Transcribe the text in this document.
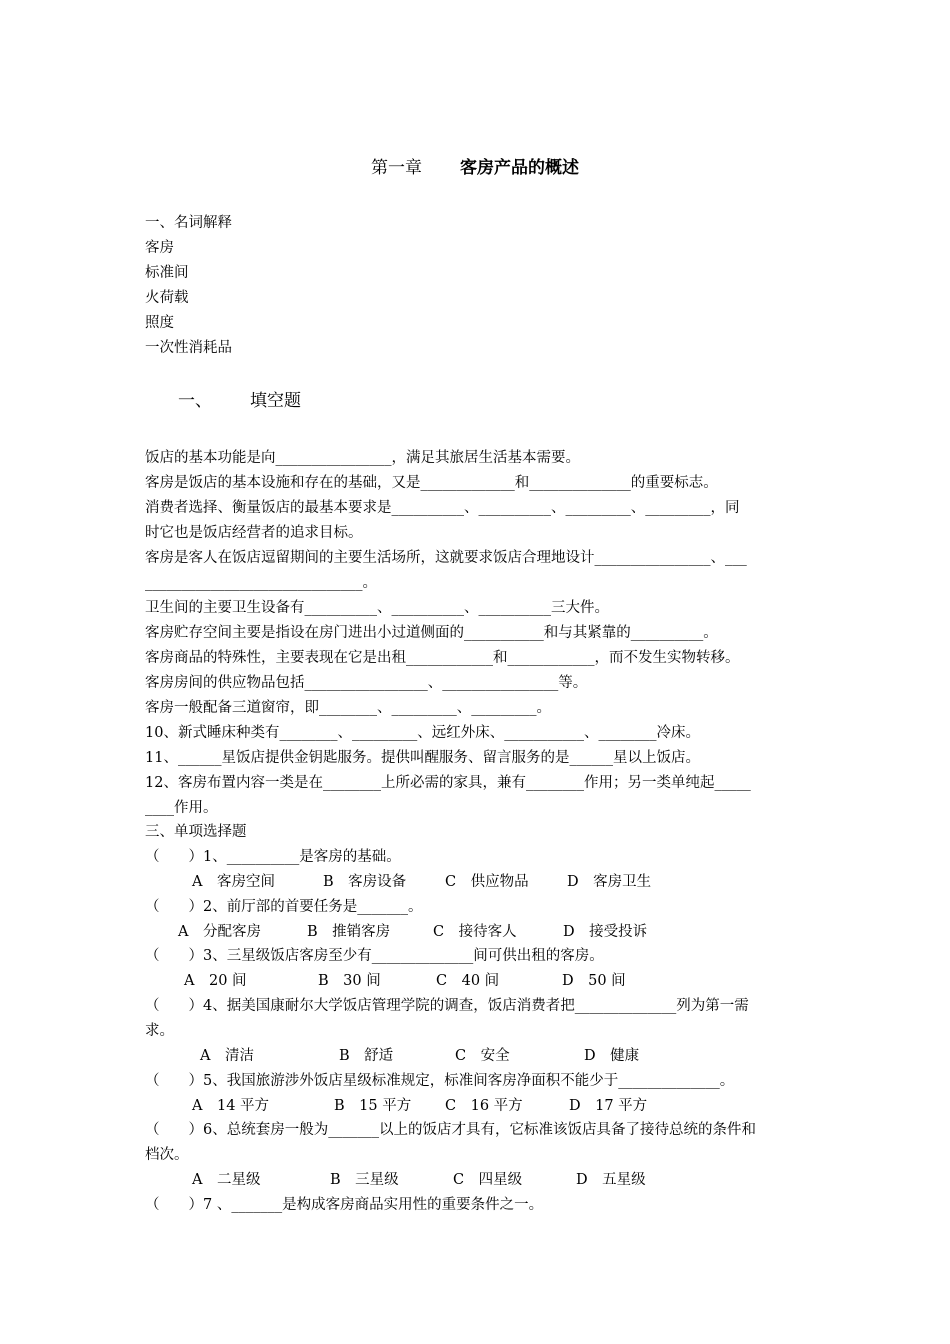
第一章 客房产品的概述
一、名词解释
客房
标准间
火荷载
照度
一次性消耗品
一、 填空题
饭店的基本功能是向________________，满足其旅居生活基本需要。
客房是饭店的基本设施和存在的基础，又是_____________和______________的重要标志。
消费者选择、衡量饭店的最基本要求是__________、__________、_________、_________，同
时它也是饭店经营者的追求目标。
客房是客人在饭店逗留期间的主要生活场所，这就要求饭店合理地设计________________、___
______________________________。
卫生间的主要卫生设备有__________、__________、__________三大件。
客房贮存空间主要是指设在房门进出小过道侧面的___________和与其紧靠的__________。
客房商品的特殊性，主要表现在它是出租____________和____________，而不发生实物转移。
客房房间的供应物品包括_________________、________________等。
客房一般配备三道窗帘，即________、_________、_________。
10、新式睡床种类有________、_________、远红外床、___________、________冷床。
11、______星饭店提供金钥匙服务。提供叫醒服务、留言服务的是______星以上饭店。
12、客房布置内容一类是在________上所必需的家具，兼有________作用；另一类单纯起_____
____作用。
三、单项选择题
（　　）1、__________是客房的基础。
A　客房空间	B　客房设备	C　供应物品	D　客房卫生
（　　）2、前厅部的首要任务是_______。
A　分配客房	B　推销客房	C　接待客人	D　接受投诉
（　　）3、三星级饭店客房至少有______________间可供出租的客房。
A　20 间	B　30 间	C　40 间	D　50 间
（　　）4、据美国康耐尔大学饭店管理学院的调查，饭店消费者把______________列为第一需
求。
A　清洁	B　舒适	C　安全	D　健康
（　　）5、我国旅游涉外饭店星级标准规定，标准间客房净面积不能少于______________。
A　14 平方	B　15 平方 C　16 平方	D　17 平方
（　　）6、总统套房一般为_______以上的饭店才具有，它标准该饭店具备了接待总统的条件和
档次。
A　二星级	B　三星级	C　四星级	D　五星级
（　　）7 、_______是构成客房商品实用性的重要条件之一。
